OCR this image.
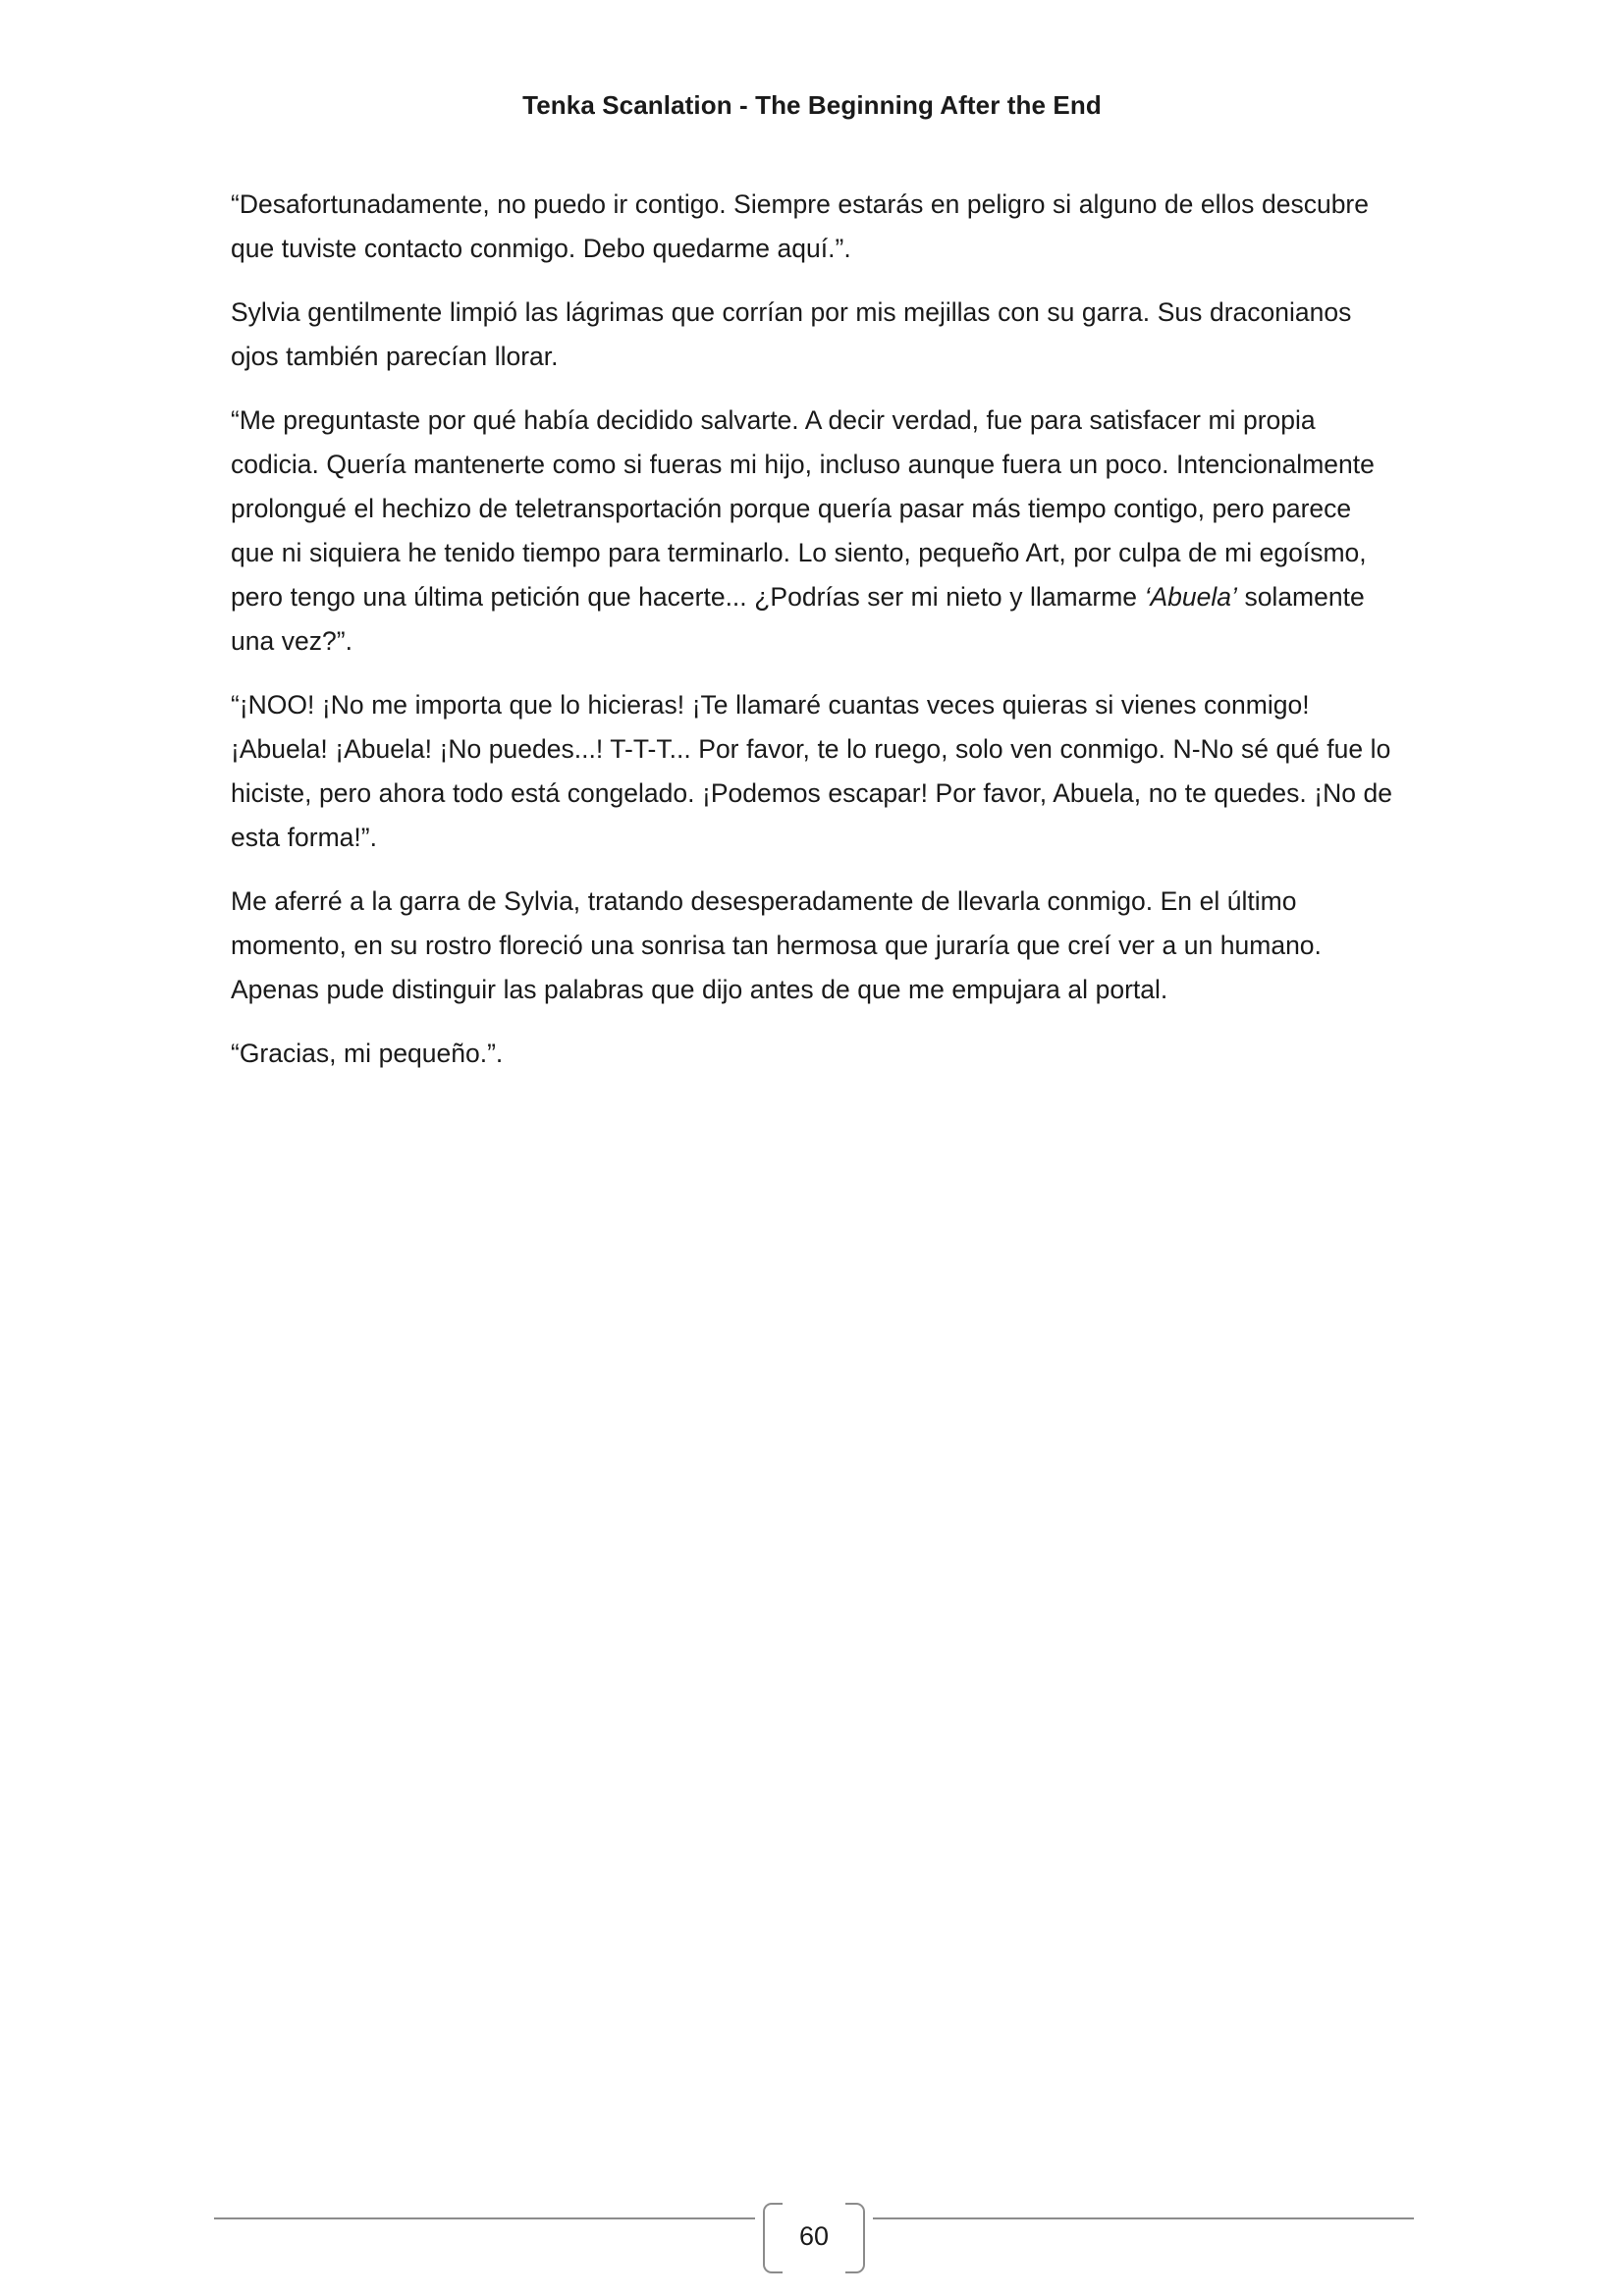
Tenka Scanlation - The Beginning After the End

“Desafortunadamente, no puedo ir contigo. Siempre estarás en peligro si alguno de ellos descubre que tuviste contacto conmigo. Debo quedarme aquí.”.

Sylvia gentilmente limpió las lágrimas que corrían por mis mejillas con su garra. Sus draconianos ojos también parecían llorar.

“Me preguntaste por qué había decidido salvarte. A decir verdad, fue para satisfacer mi propia codicia. Quería mantenerte como si fueras mi hijo, incluso aunque fuera un poco. Intencionalmente prolongué el hechizo de teletransportación porque quería pasar más tiempo contigo, pero parece que ni siquiera he tenido tiempo para terminarlo. Lo siento, pequeño Art, por culpa de mi egoísmo, pero tengo una última petición que hacerte... ¿Podrías ser mi nieto y llamarme ‘Abuela’ solamente una vez?”.

“¡NOO! ¡No me importa que lo hicieras! ¡Te llamaré cuantas veces quieras si vienes conmigo! ¡Abuela! ¡Abuela! ¡No puedes...! T-T-T... Por favor, te lo ruego, solo ven conmigo. N-No sé qué fue lo hiciste, pero ahora todo está congelado. ¡Podemos escapar! Por favor, Abuela, no te quedes. ¡No de esta forma!”.

Me aferré a la garra de Sylvia, tratando desesperadamente de llevarla conmigo. En el último momento, en su rostro floreció una sonrisa tan hermosa que juraría que creí ver a un humano. Apenas pude distinguir las palabras que dijo antes de que me empujara al portal.

“Gracias, mi pequeño.”.

60
